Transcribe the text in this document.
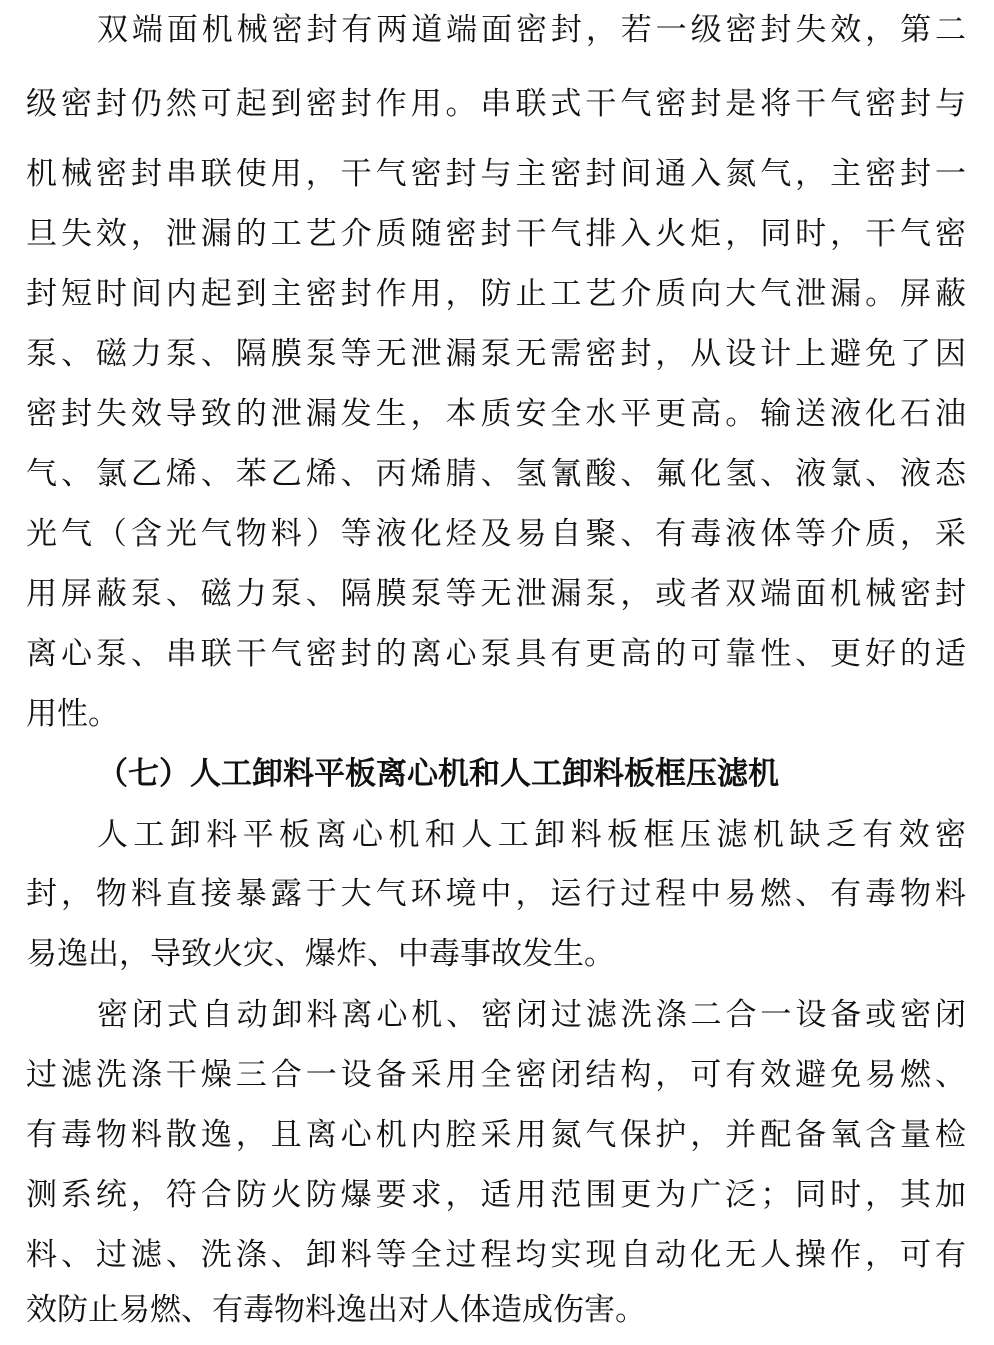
双端面机械密封有两道端面密封，若一级密封失效，第二
级密封仍然可起到密封作用。串联式干气密封是将干气密封与
机械密封串联使用，干气密封与主密封间通入氮气，主密封一
旦失效，泄漏的工艺介质随密封干气排入火炬，同时，干气密
封短时间内起到主密封作用，防止工艺介质向大气泄漏。屏蔽
泵、磁力泵、隔膜泵等无泄漏泵无需密封，从设计上避免了因
密封失效导致的泄漏发生，本质安全水平更高。输送液化石油
气、氯乙烯、苯乙烯、丙烯腈、氢氰酸、氟化氢、液氯、液态
光气（含光气物料）等液化烃及易自聚、有毒液体等介质，采
用屏蔽泵、磁力泵、隔膜泵等无泄漏泵，或者双端面机械密封
离心泵、串联干气密封的离心泵具有更高的可靠性、更好的适
用性。
（七）人工卸料平板离心机和人工卸料板框压滤机
人工卸料平板离心机和人工卸料板框压滤机缺乏有效密
封，物料直接暴露于大气环境中，运行过程中易燃、有毒物料
易逸出，导致火灾、爆炸、中毒事故发生。
密闭式自动卸料离心机、密闭过滤洗涤二合一设备或密闭
过滤洗涤干燥三合一设备采用全密闭结构，可有效避免易燃、
有毒物料散逸，且离心机内腔采用氮气保护，并配备氧含量检
测系统，符合防火防爆要求，适用范围更为广泛；同时，其加
料、过滤、洗涤、卸料等全过程均实现自动化无人操作，可有
效防止易燃、有毒物料逸出对人体造成伤害。
